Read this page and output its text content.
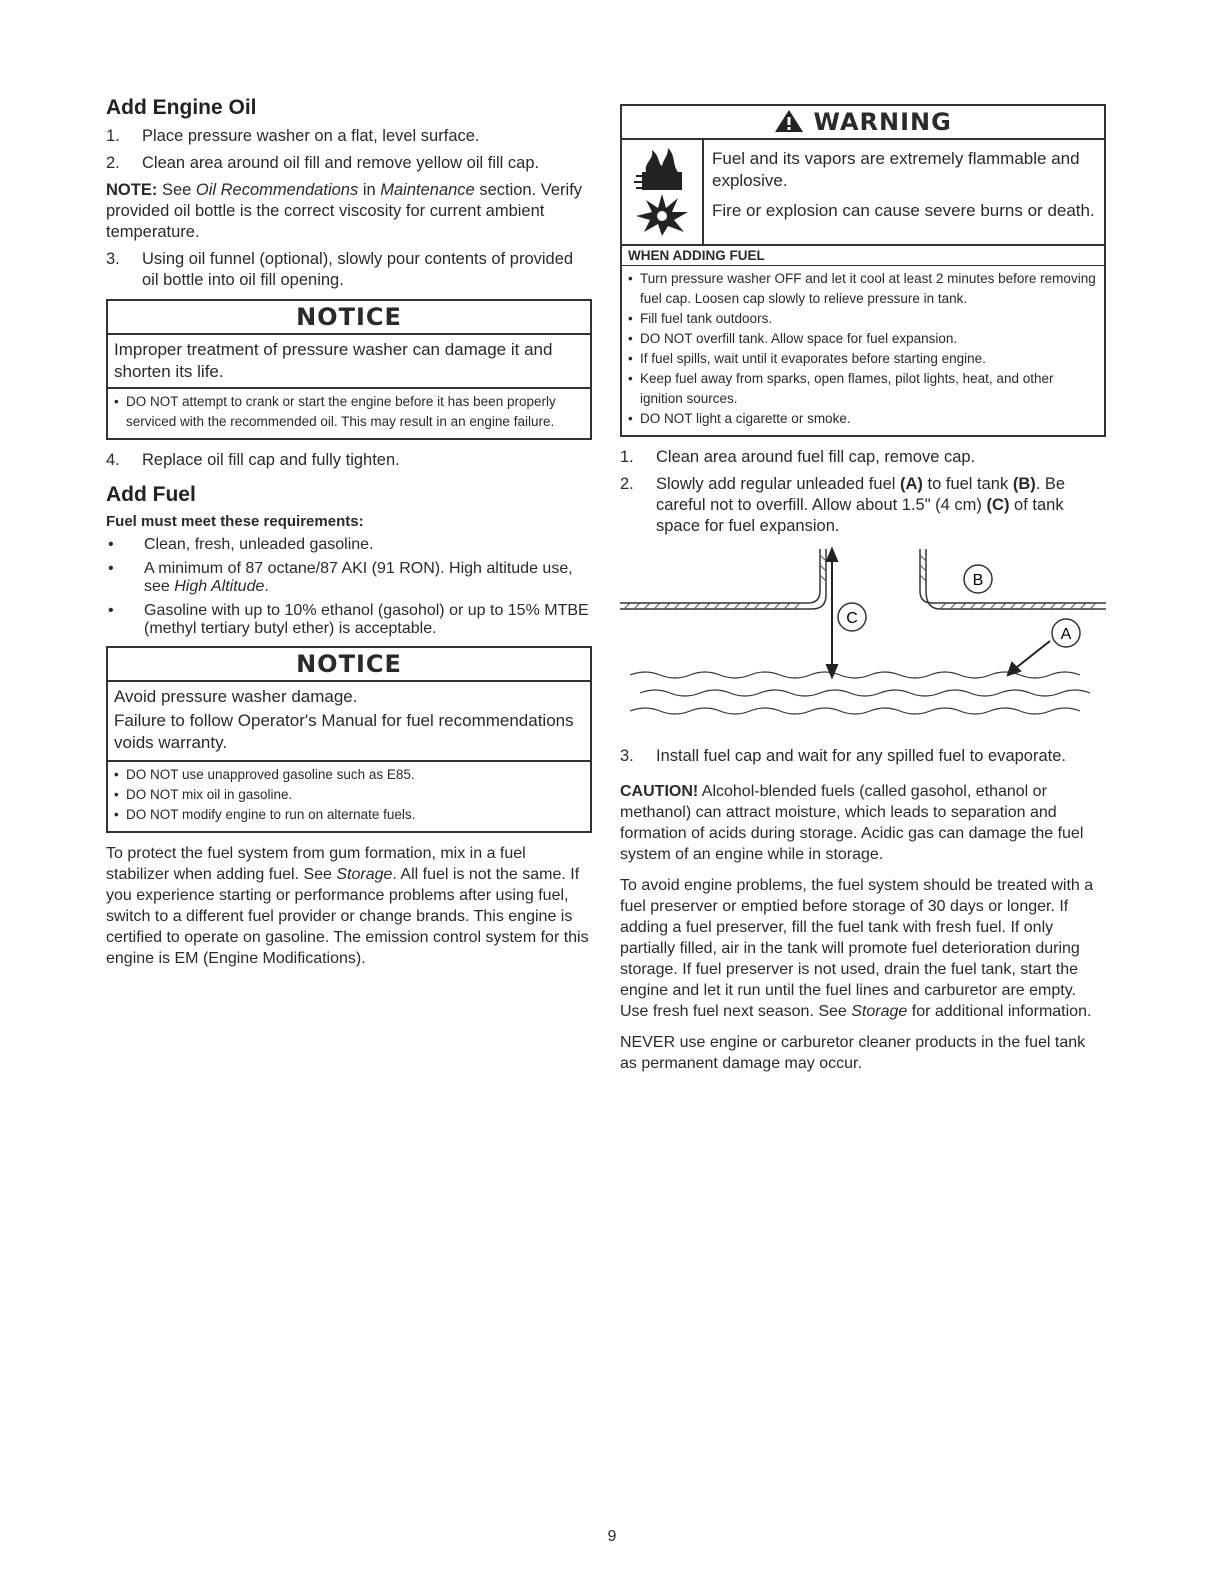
Add Engine Oil
1.	Place pressure washer on a flat, level surface.
2.	Clean area around oil fill and remove yellow oil fill cap.

NOTE: See Oil Recommendations in Maintenance section. Verify provided oil bottle is the correct viscosity for current ambient temperature.

3.	Using oil funnel (optional), slowly pour contents of provided oil bottle into oil fill opening.
NOTICE
Improper treatment of pressure washer can damage it and shorten its life.
• DO NOT attempt to crank or start the engine before it has been properly serviced with the recommended oil. This may result in an engine failure.
4.	Replace oil fill cap and fully tighten.
Add Fuel
Fuel must meet these requirements:
•	Clean, fresh, unleaded gasoline.
•	A minimum of 87 octane/87 AKI (91 RON). High altitude use, see High Altitude.
•	Gasoline with up to 10% ethanol (gasohol) or up to 15% MTBE (methyl tertiary butyl ether) is acceptable.
NOTICE
Avoid pressure washer damage.
Failure to follow Operator's Manual for fuel recommendations voids warranty.
• DO NOT use unapproved gasoline such as E85.
• DO NOT mix oil in gasoline.
• DO NOT modify engine to run on alternate fuels.

To protect the fuel system from gum formation, mix in a fuel stabilizer when adding fuel. See Storage. All fuel is not the same. If you experience starting or performance problems after using fuel, switch to a different fuel provider or change brands. This engine is certified to operate on gasoline. The emission control system for this engine is EM (Engine Modifications).

WARNING
Fuel and its vapors are extremely flammable and explosive.
Fire or explosion can cause severe burns or death.
WHEN ADDING FUEL
• Turn pressure washer OFF and let it cool at least 2 minutes before removing fuel cap. Loosen cap slowly to relieve pressure in tank.
• Fill fuel tank outdoors.
• DO NOT overfill tank. Allow space for fuel expansion.
• If fuel spills, wait until it evaporates before starting engine.
• Keep fuel away from sparks, open flames, pilot lights, heat, and other ignition sources.
• DO NOT light a cigarette or smoke.
1.	Clean area around fuel fill cap, remove cap.
2.	Slowly add regular unleaded fuel (A) to fuel tank (B). Be careful not to overfill. Allow about 1.5" (4 cm) (C) of tank space for fuel expansion.
C
B
A
3.	Install fuel cap and wait for any spilled fuel to evaporate.

CAUTION! Alcohol-blended fuels (called gasohol, ethanol or methanol) can attract moisture, which leads to separation and formation of acids during storage. Acidic gas can damage the fuel system of an engine while in storage.

To avoid engine problems, the fuel system should be treated with a fuel preserver or emptied before storage of 30 days or longer. If adding a fuel preserver, fill the fuel tank with fresh fuel. If only partially filled, air in the tank will promote fuel deterioration during storage. If fuel preserver is not used, drain the fuel tank, start the engine and let it run until the fuel lines and carburetor are empty. Use fresh fuel next season. See Storage for additional information.

NEVER use engine or carburetor cleaner products in the fuel tank as permanent damage may occur.

9
